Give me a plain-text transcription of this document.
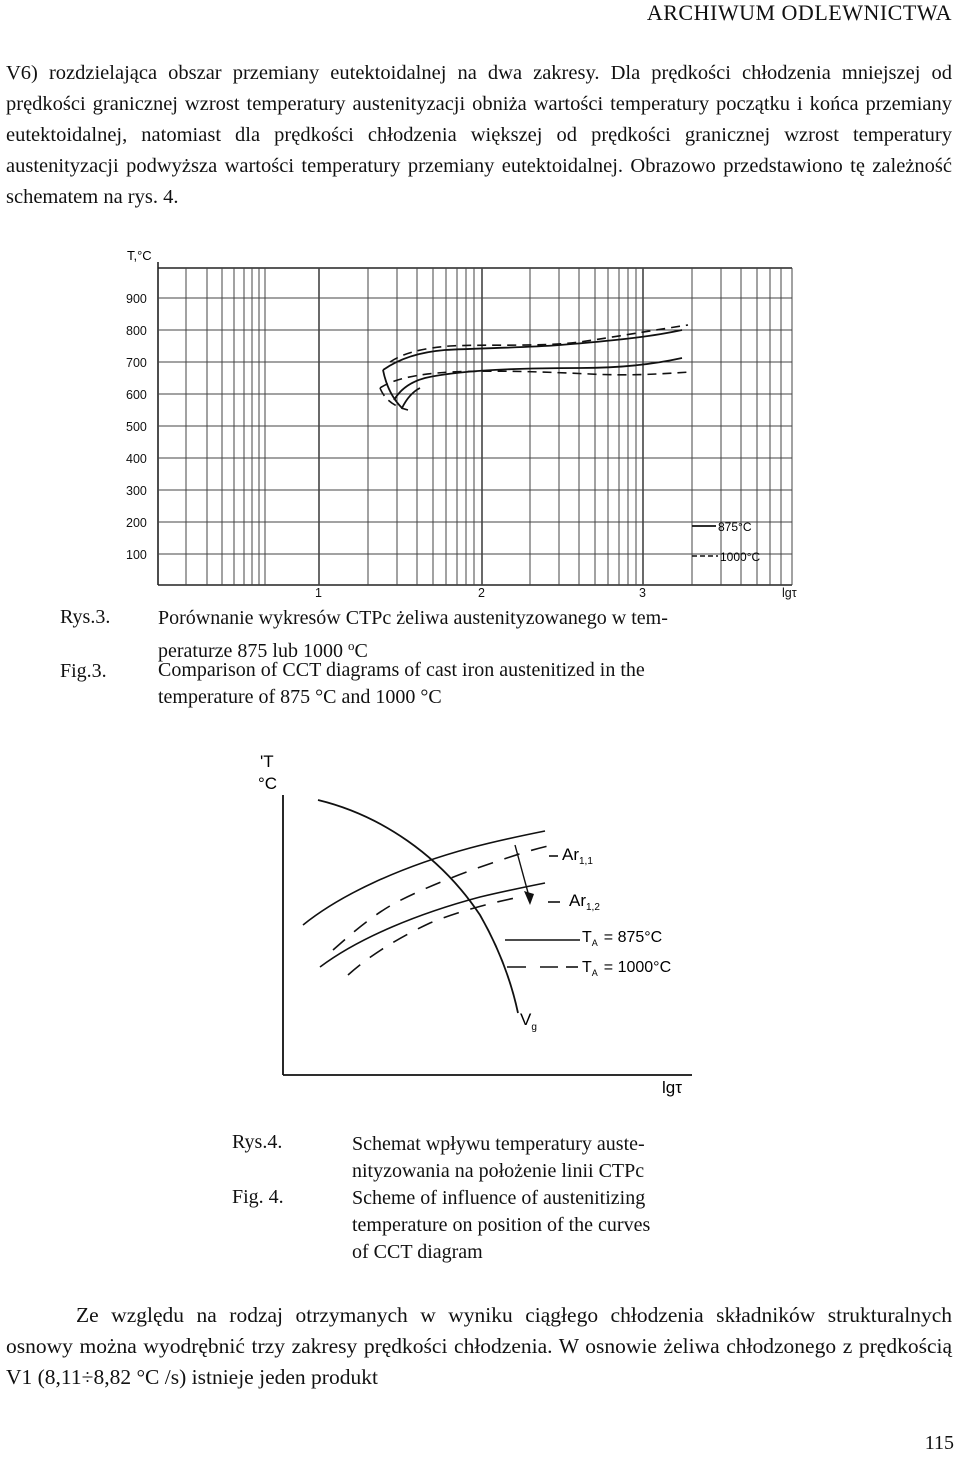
ARCHIWUM ODLEWNICTWA

V6) rozdzielająca obszar przemiany eutektoidalnej na dwa zakresy. Dla prędkości chłodzenia mniejszej od prędkości granicznej wzrost temperatury austenityzacji obniża wartości temperatury początku i końca przemiany eutektoidalnej, natomiast dla prędkości chłodzenia większej od prędkości granicznej wzrost temperatury austenityzacji podwyższa wartości temperatury przemiany eutektoidalnej. Obrazowo przedstawiono tę zależność schematem na rys. 4.

T,°C
900
800
700
600
500
400
300
200
100
1	2	3	lgτ
875°C
1000°C
Rys.3.
Fig.3.
Porównanie wykresów CTPc żeliwa austenityzowanego w tem-
peraturze 875 lub 1000 $^o$C
Comparison of CCT diagrams of cast iron austenitized in the
temperature of 875 °C and 1000 °C
'T
°C
$Ar_{1,1}$
$Ar_{1,2}$
$T_A = 875^\circ C$
$T_A = 1000^\circ C$
$V_g$
lgτ
Rys.4.
Fig. 4.
Schemat wpływu temperatury auste-
nityzowania na położenie linii CTPc
Scheme of influence of austenitizing
temperature on position of the curves
of CCT diagram

Ze względu na rodzaj otrzymanych w wyniku ciągłego chłodzenia składników strukturalnych osnowy można wyodrębnić trzy zakresy prędkości chłodzenia. W osnowie żeliwa chłodzonego z prędkością V1 (8,11÷8,82 °C /s) istnieje jeden produkt

115
